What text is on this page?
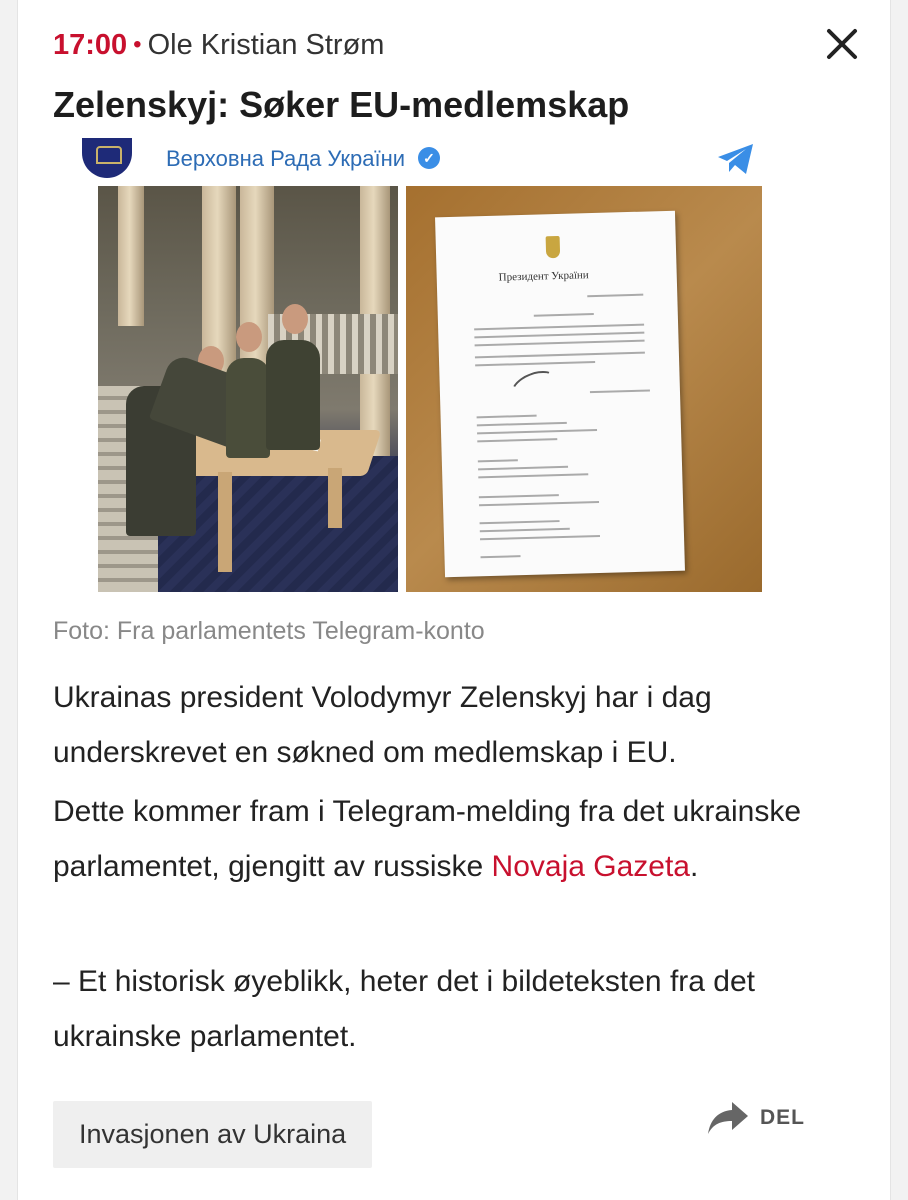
17:00 • Ole Kristian Strøm
Zelenskyj: Søker EU-medlemskap
Верховна Рада України	✓
Президент України
Foto: Fra parlamentets Telegram-konto

Ukrainas president Volodymyr Zelenskyj har i dag underskrevet en søkned om medlemskap i EU.

Dette kommer fram i Telegram-melding fra det ukrainske parlamentet, gjengitt av russiske Novaja Gazeta.

– Et historisk øyeblikk, heter det i bildeteksten fra det ukrainske parlamentet.

Invasjonen av Ukraina
DEL
